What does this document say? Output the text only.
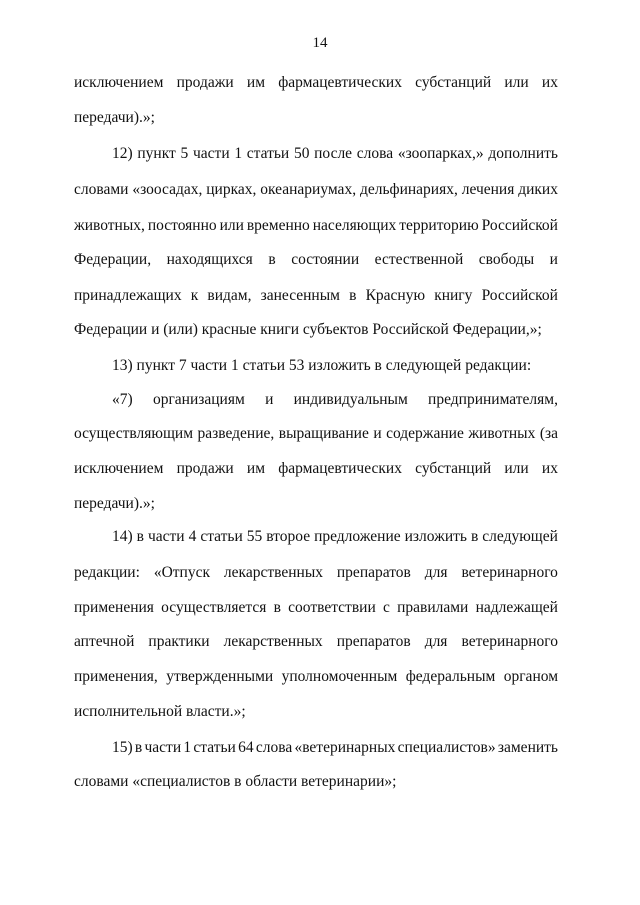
14
исключением продажи им фармацевтических субстанций или их
передачи).»;
12) пункт 5 части 1 статьи 50 после слова «зоопарках,» дополнить
словами «зоосадах, цирках, океанариумах, дельфинариях, лечения диких
животных, постоянно или временно населяющих территорию Российской
Федерации, находящихся в состоянии естественной свободы и
принадлежащих к видам, занесенным в Красную книгу Российской
Федерации и (или) красные книги субъектов Российской Федерации,»;
13) пункт 7 части 1 статьи 53 изложить в следующей редакции:
«7) организациям и индивидуальным предпринимателям,
осуществляющим разведение, выращивание и содержание животных (за
исключением продажи им фармацевтических субстанций или их
передачи).»;
14) в части 4 статьи 55 второе предложение изложить в следующей
редакции: «Отпуск лекарственных препаратов для ветеринарного
применения осуществляется в соответствии с правилами надлежащей
аптечной практики лекарственных препаратов для ветеринарного
применения, утвержденными уполномоченным федеральным органом
исполнительной власти.»;
15) в части 1 статьи 64 слова «ветеринарных специалистов» заменить
словами «специалистов в области ветеринарии»;
